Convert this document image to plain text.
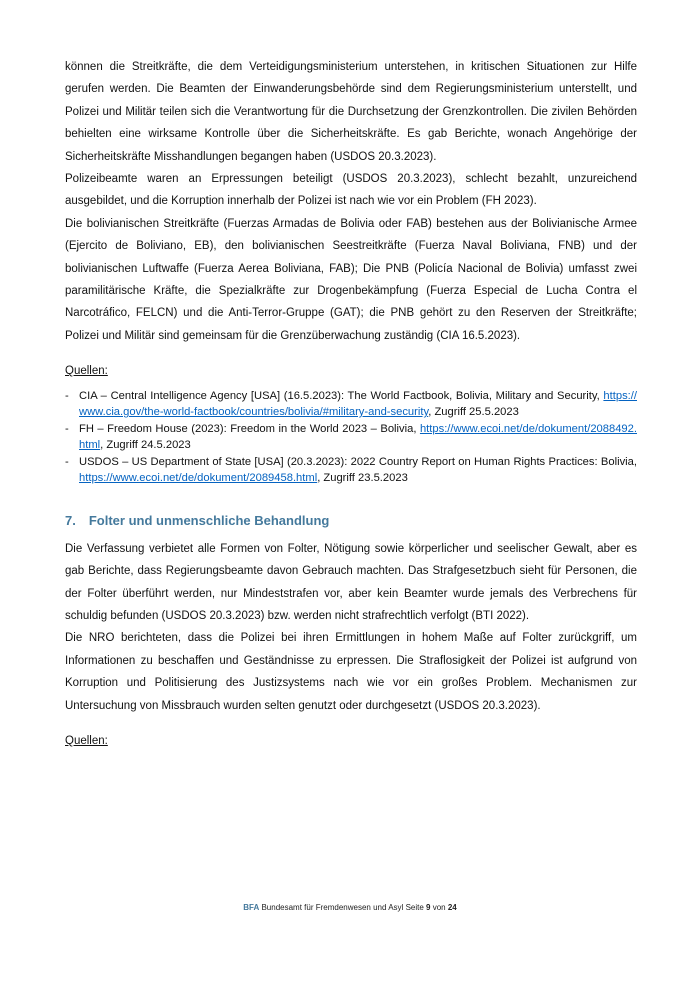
können die Streitkräfte, die dem Verteidigungsministerium unterstehen, in kritischen Situationen zur Hilfe gerufen werden. Die Beamten der Einwanderungsbehörde sind dem Regierungsministerium unterstellt, und Polizei und Militär teilen sich die Verantwortung für die Durchsetzung der Grenzkontrollen. Die zivilen Behörden behielten eine wirksame Kontrolle über die Sicherheitskräfte. Es gab Berichte, wonach Angehörige der Sicherheitskräfte Misshandlungen begangen haben (USDOS 20.3.2023).

Polizeibeamte waren an Erpressungen beteiligt (USDOS 20.3.2023), schlecht bezahlt, unzureichend ausgebildet, und die Korruption innerhalb der Polizei ist nach wie vor ein Problem (FH 2023).

Die bolivianischen Streitkräfte (Fuerzas Armadas de Bolivia oder FAB) bestehen aus der Bolivianische Armee (Ejercito de Boliviano, EB), den bolivianischen Seestreitkräfte (Fuerza Naval Boliviana, FNB) und der bolivianischen Luftwaffe (Fuerza Aerea Boliviana, FAB); Die PNB (Policía Nacional de Bolivia) umfasst zwei paramilitärische Kräfte, die Spezialkräfte zur Drogenbekämpfung (Fuerza Especial de Lucha Contra el Narcotráfico, FELCN) und die Anti-Terror-Gruppe (GAT); die PNB gehört zu den Reserven der Streitkräfte; Polizei und Militär sind gemeinsam für die Grenzüberwachung zuständig (CIA 16.5.2023).

Quellen:

- CIA – Central Intelligence Agency [USA] (16.5.2023): The World Factbook, Bolivia, Military and Security, https://www.cia.gov/the-world-factbook/countries/bolivia/#military-and-security, Zugriff 25.5.2023

- FH – Freedom House (2023): Freedom in the World 2023 – Bolivia, https://www.ecoi.net/de/dokument/2088492.html, Zugriff 24.5.2023

- USDOS – US Department of State [USA] (20.3.2023): 2022 Country Report on Human Rights Practices: Bolivia, https://www.ecoi.net/de/dokument/2089458.html, Zugriff 23.5.2023

7. Folter und unmenschliche Behandlung

Die Verfassung verbietet alle Formen von Folter, Nötigung sowie körperlicher und seelischer Gewalt, aber es gab Berichte, dass Regierungsbeamte davon Gebrauch machten. Das Strafgesetzbuch sieht für Personen, die der Folter überführt werden, nur Mindeststrafen vor, aber kein Beamter wurde jemals des Verbrechens für schuldig befunden (USDOS 20.3.2023) bzw. werden nicht strafrechtlich verfolgt (BTI 2022).

Die NRO berichteten, dass die Polizei bei ihren Ermittlungen in hohem Maße auf Folter zurückgriff, um Informationen zu beschaffen und Geständnisse zu erpressen. Die Straflosigkeit der Polizei ist aufgrund von Korruption und Politisierung des Justizsystems nach wie vor ein großes Problem. Mechanismen zur Untersuchung von Missbrauch wurden selten genutzt oder durchgesetzt (USDOS 20.3.2023).

Quellen:

BFA Bundesamt für Fremdenwesen und Asyl Seite 9 von 24
